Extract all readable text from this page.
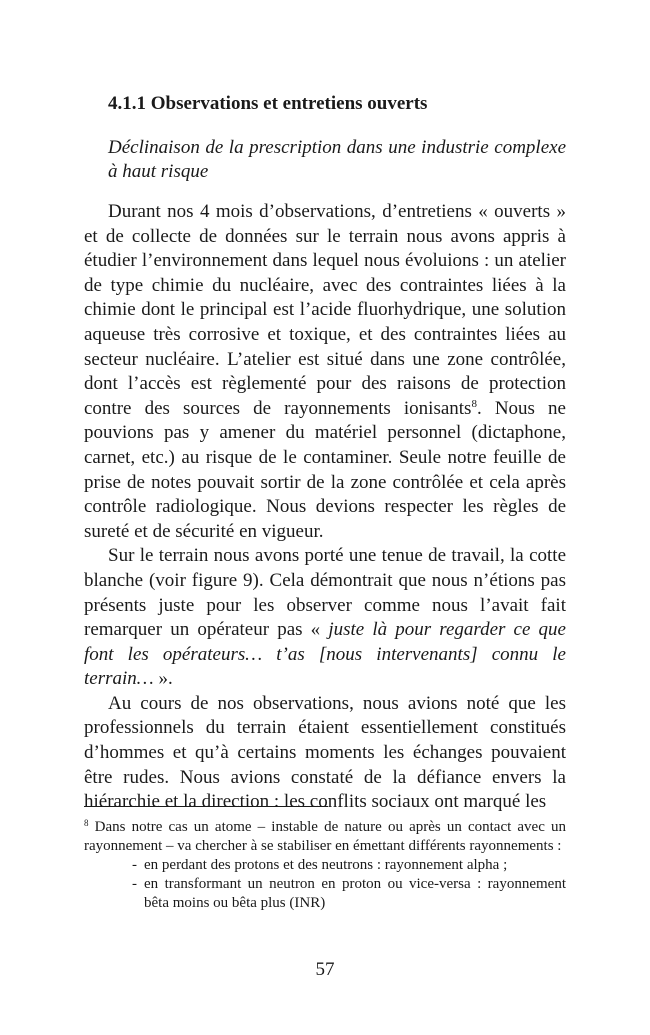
4.1.1 Observations et entretiens ouverts
Déclinaison de la prescription dans une industrie complexe à haut risque

Durant nos 4 mois d’observations, d’entretiens « ouverts » et de collecte de données sur le terrain nous avons appris à étudier l’environnement dans lequel nous évoluions : un atelier de type chimie du nucléaire, avec des contraintes liées à la chimie dont le principal est l’acide fluorhydrique, une solution aqueuse très corrosive et toxique, et des contraintes liées au secteur nucléaire. L’atelier est situé dans une zone contrôlée, dont l’accès est règlementé pour des raisons de protection contre des sources de rayonnements ionisants$^8$. Nous ne pouvions pas y amener du matériel personnel (dictaphone, carnet, etc.) au risque de le contaminer. Seule notre feuille de prise de notes pouvait sortir de la zone contrôlée et cela après contrôle radiologique. Nous devions respecter les règles de sureté et de sécurité en vigueur.

Sur le terrain nous avons porté une tenue de travail, la cotte blanche (voir figure 9). Cela démontrait que nous n’étions pas présents juste pour les observer comme nous l’avait fait remarquer un opérateur pas « juste là pour regarder ce que font les opérateurs… t’as [nous intervenants] connu le terrain… ».

Au cours de nos observations, nous avions noté que les professionnels du terrain étaient essentiellement constitués d’hommes et qu’à certains moments les échanges pouvaient être rudes. Nous avions constaté de la défiance envers la hiérarchie et la direction : les conflits sociaux ont marqué les

$^8$ Dans notre cas un atome – instable de nature ou après un contact avec un rayonnement – va chercher à se stabiliser en émettant différents rayonnements :

- en perdant des protons et des neutrons : rayonnement alpha ;
- en transformant un neutron en proton ou vice-versa : rayonnement bêta moins ou bêta plus (INR)
57
